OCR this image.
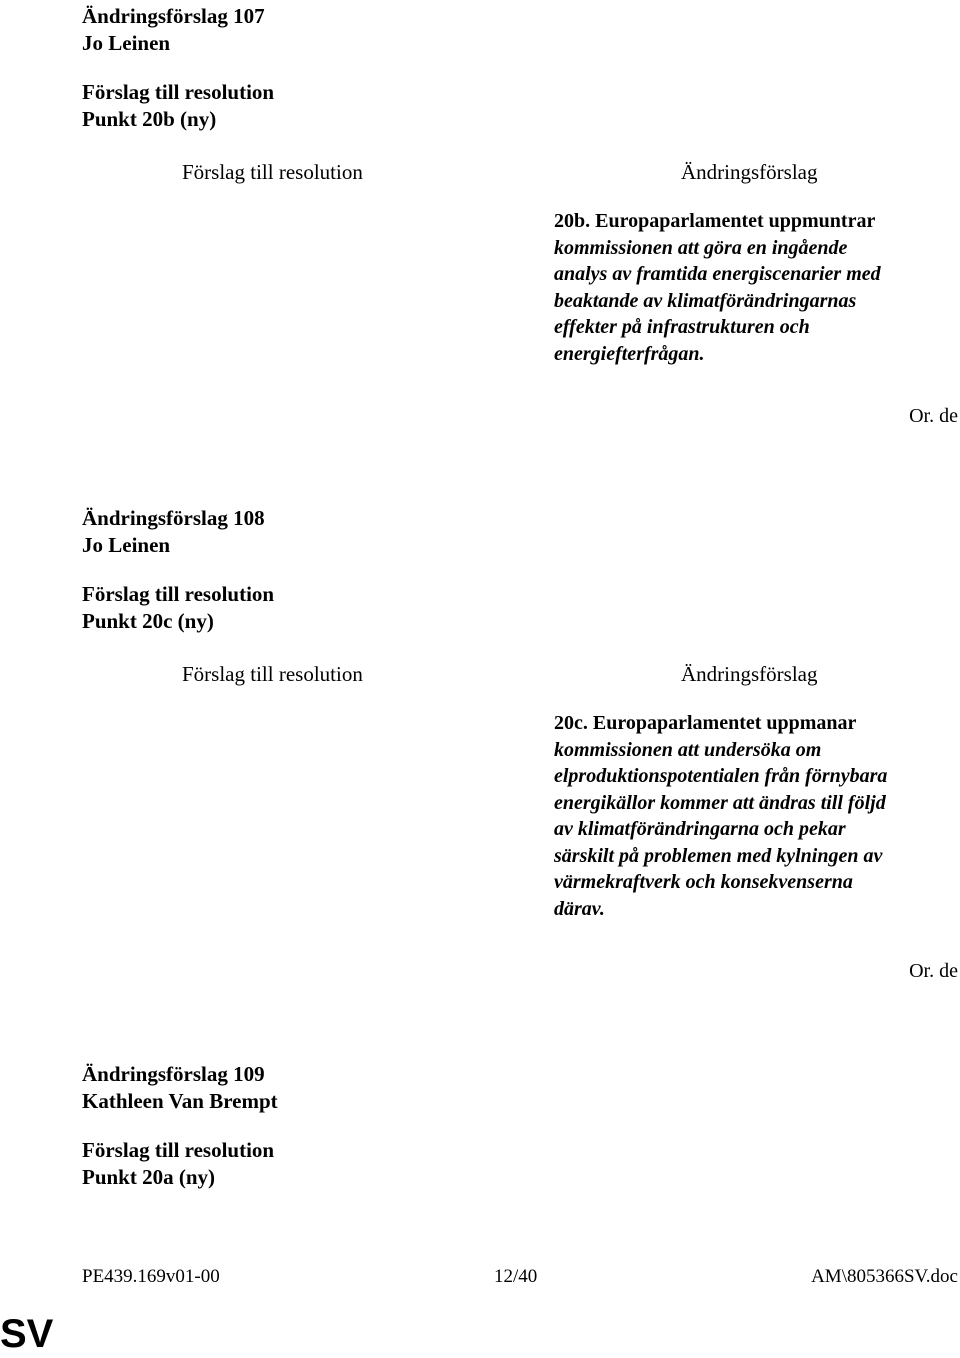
Ändringsförslag 107
Jo Leinen
Förslag till resolution
Punkt 20b (ny)
Förslag till resolution	Ändringsförslag
20b. Europaparlamentet uppmuntrar
kommissionen att göra en ingående
analys av framtida energiscenarier med
beaktande av klimatförändringarnas
effekter på infrastrukturen och
energiefterfrågan.
Or. de
Ändringsförslag 108
Jo Leinen
Förslag till resolution
Punkt 20c (ny)
Förslag till resolution	Ändringsförslag
20c. Europaparlamentet uppmanar
kommissionen att undersöka om
elproduktionspotentialen från förnybara
energikällor kommer att ändras till följd
av klimatförändringarna och pekar
särskilt på problemen med kylningen av
värmekraftverk och konsekvenserna
därav.
Or. de
Ändringsförslag 109
Kathleen Van Brempt
Förslag till resolution
Punkt 20a (ny)
PE439.169v01-00	12/40	AM\805366SV.doc
SV
